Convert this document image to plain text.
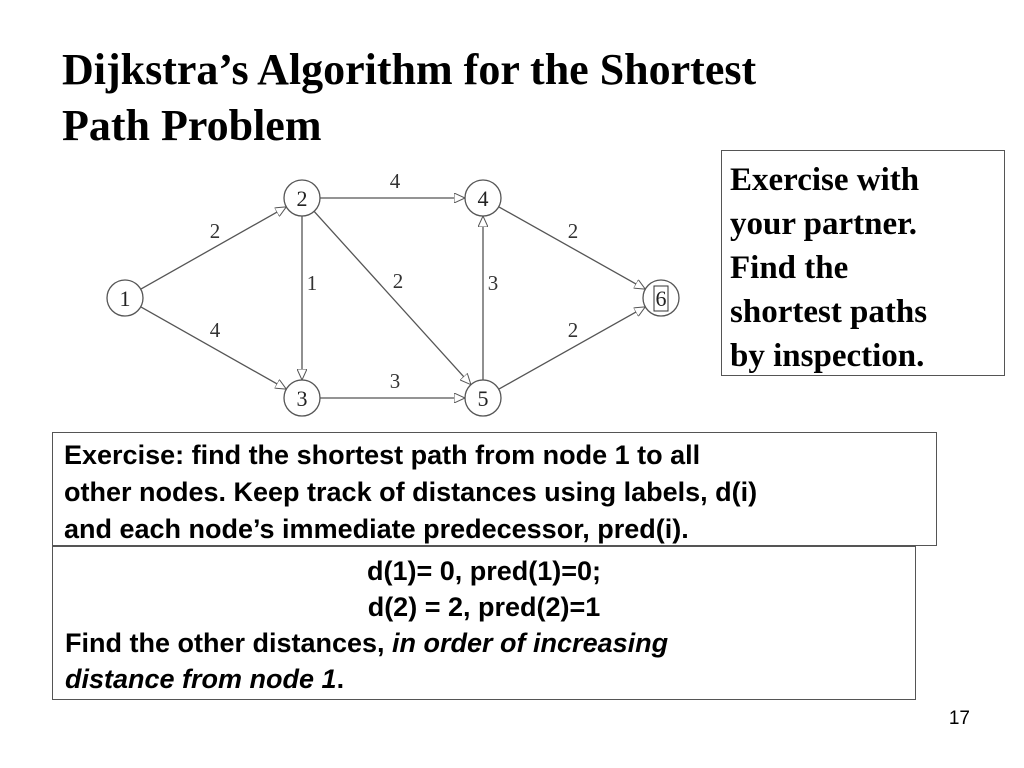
Dijkstra’s Algorithm for the Shortest
Path Problem
2
4
4
1	2
3
3
2
2
1
2
3
4
5
6
Exercise with
your partner.
Find the
shortest paths
by inspection.
Exercise: find the shortest path from node 1 to all
other nodes. Keep track of distances using labels, d(i)
and each node’s immediate predecessor, pred(i).
d(1)= 0, pred(1)=0;
d(2) = 2, pred(2)=1
Find the other distances, in order of increasing
distance from node 1.
17
